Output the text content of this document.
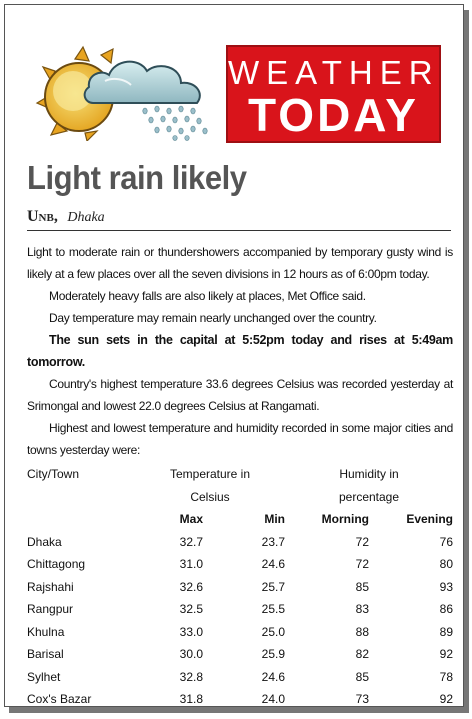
WEATHER
TODAY
Light rain likely
Unb, Dhaka

Light to moderate rain or thundershowers accompanied by temporary gusty wind is likely at a few places over all the seven divisions in 12 hours as of 6:00pm today.

Moderately heavy falls are also likely at places, Met Office said.

Day temperature may remain nearly unchanged over the country.

The sun sets in the capital at 5:52pm today and rises at 5:49am tomorrow.

Country's highest temperature 33.6 degrees Celsius was recorded yesterday at Srimongal and lowest 22.0 degrees Celsius at Rangamati.

Highest and lowest temperature and humidity recorded in some major cities and towns yesterday were:

City/Town	Temperature in		Humidity in	
	Celsius		percentage	
	Max	Min	Morning	Evening
Dhaka	32.7	23.7	72	76
Chittagong	31.0	24.6	72	80
Rajshahi	32.6	25.7	85	93
Rangpur	32.5	25.5	83	86
Khulna	33.0	25.0	88	89
Barisal	30.0	25.9	82	92
Sylhet	32.8	24.6	85	78
Cox's Bazar	31.8	24.0	73	92
